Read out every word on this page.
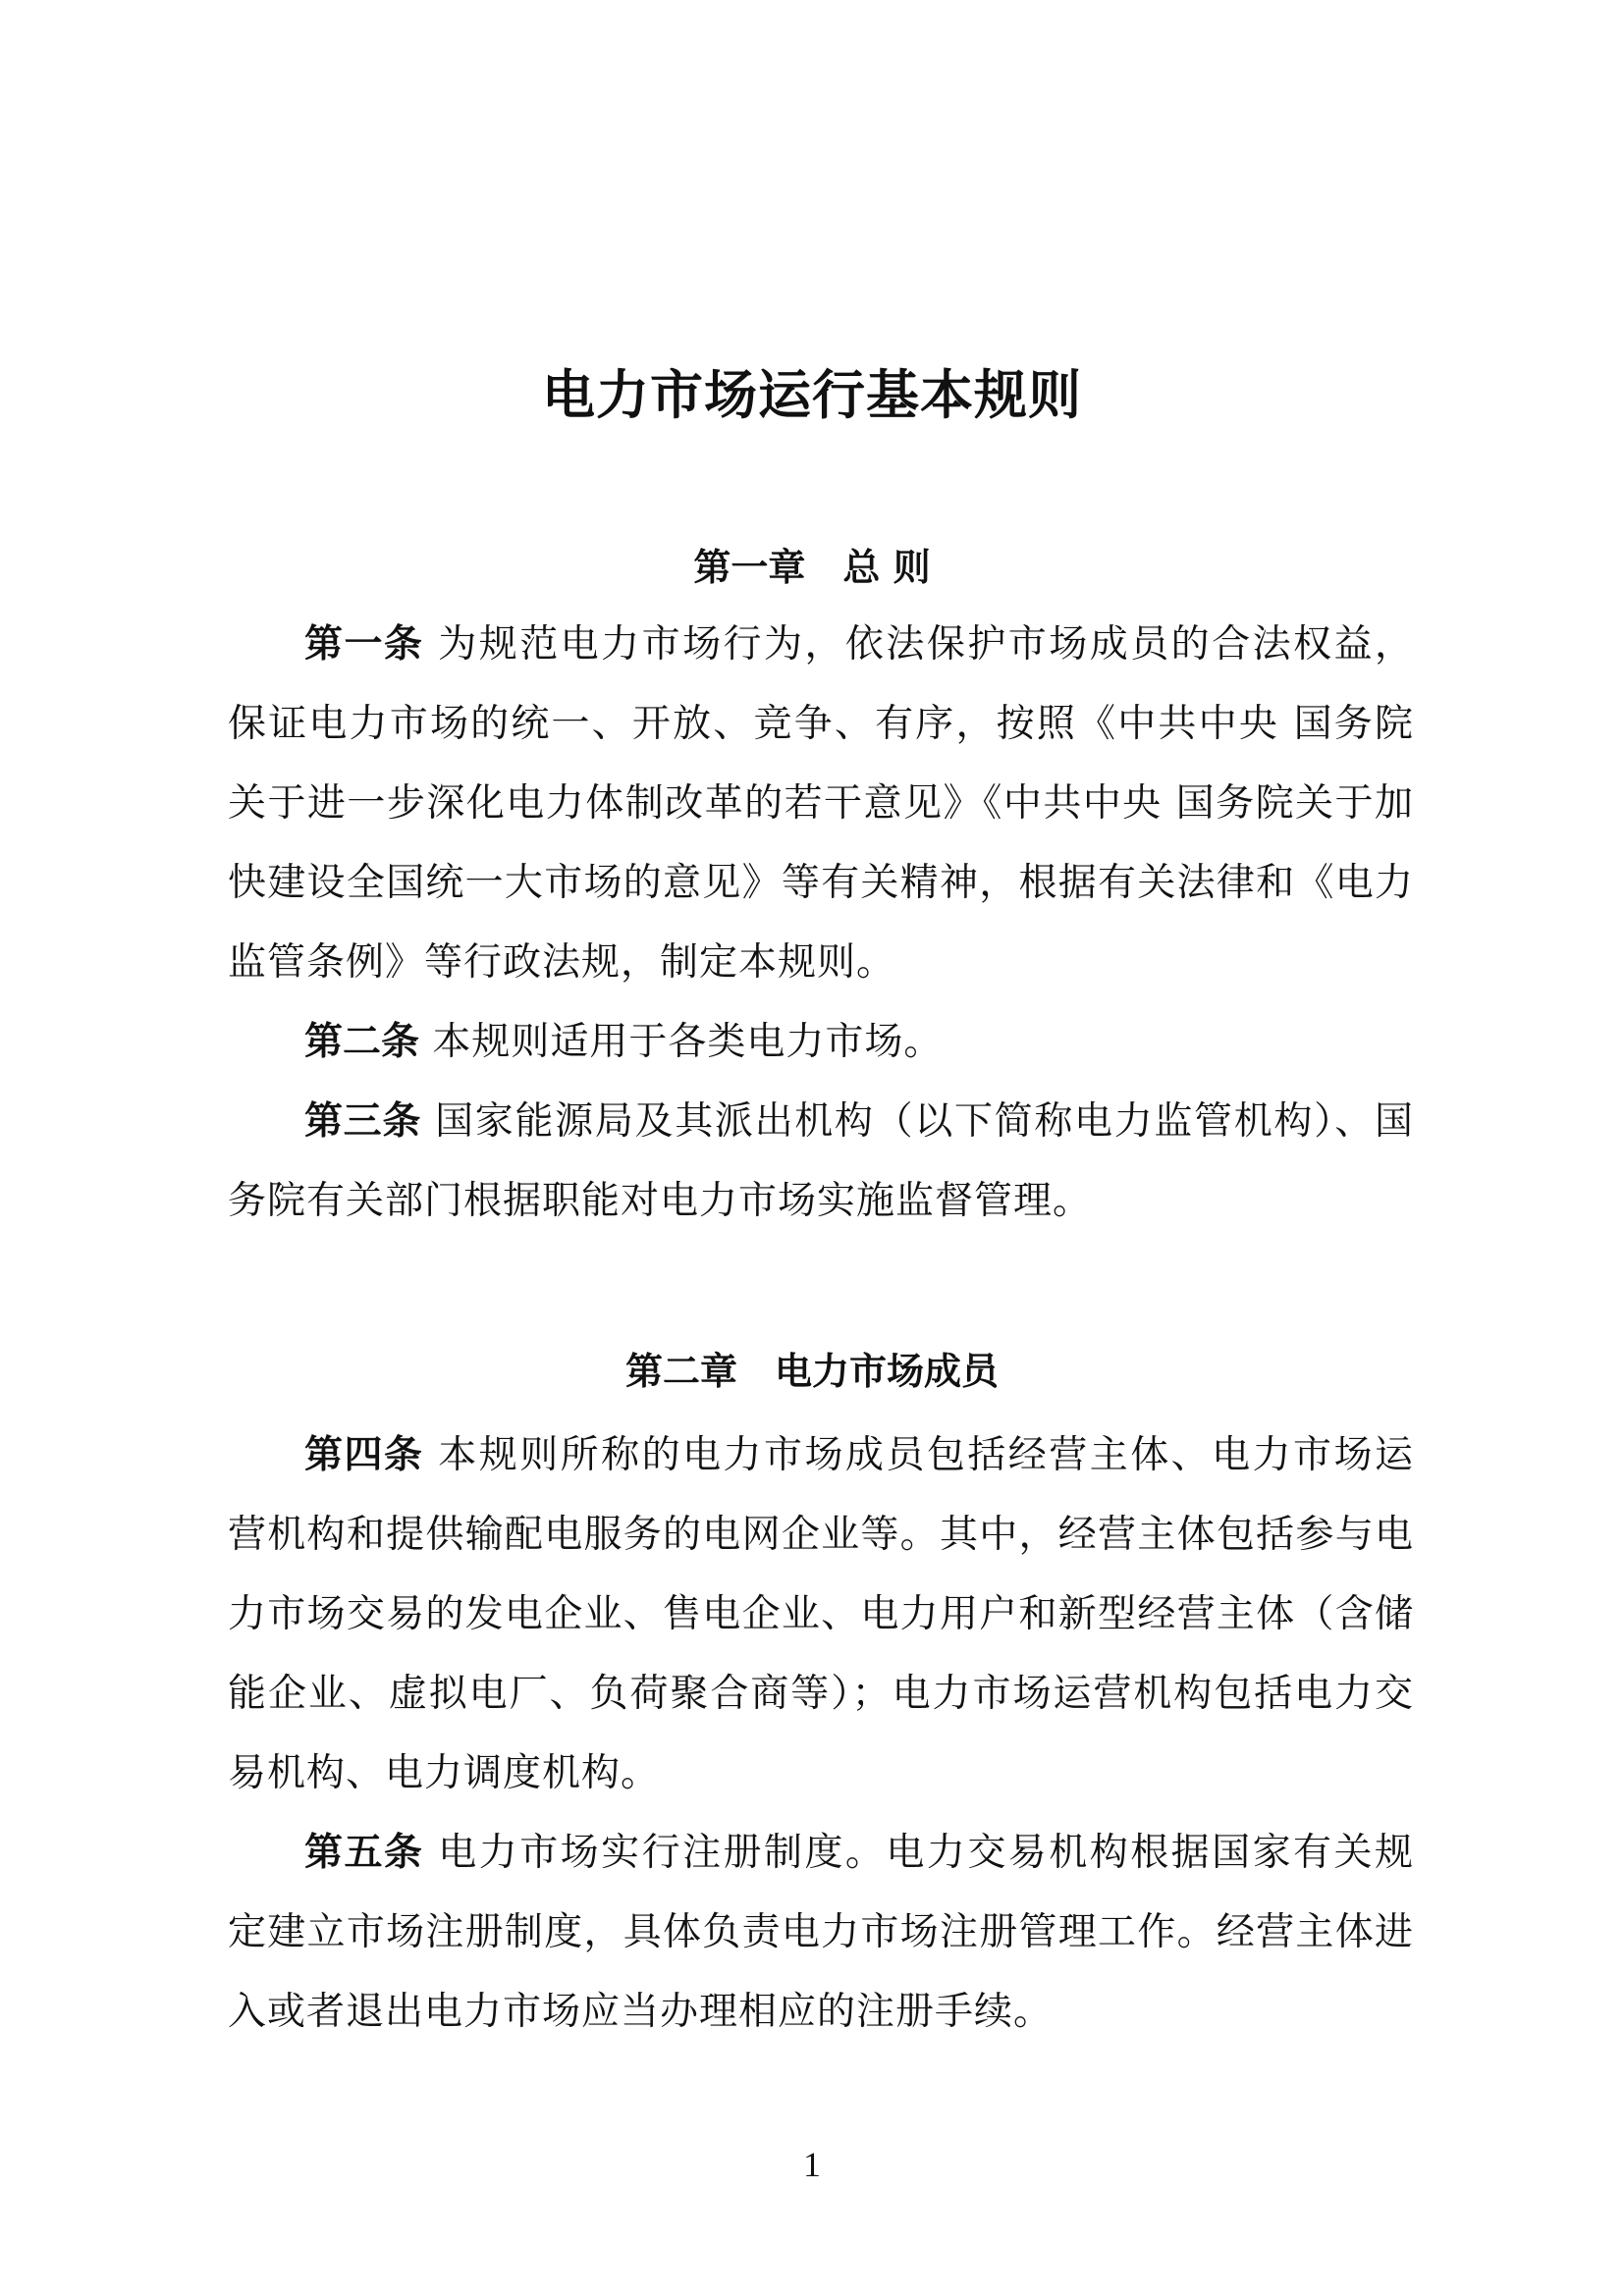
电力市场运行基本规则
第一章　总 则
第一条 为规范电力市场行为，依法保护市场成员的合法权益，保证电力市场的统一、开放、竞争、有序，按照《中共中央 国务院关于进一步深化电力体制改革的若干意见》《中共中央 国务院关于加快建设全国统一大市场的意见》等有关精神，根据有关法律和《电力监管条例》等行政法规，制定本规则。
第二条 本规则适用于各类电力市场。
第三条 国家能源局及其派出机构（以下简称电力监管机构）、国务院有关部门根据职能对电力市场实施监督管理。
第二章　电力市场成员
第四条 本规则所称的电力市场成员包括经营主体、电力市场运营机构和提供输配电服务的电网企业等。其中，经营主体包括参与电力市场交易的发电企业、售电企业、电力用户和新型经营主体（含储能企业、虚拟电厂、负荷聚合商等）；电力市场运营机构包括电力交易机构、电力调度机构。
第五条 电力市场实行注册制度。电力交易机构根据国家有关规定建立市场注册制度，具体负责电力市场注册管理工作。经营主体进入或者退出电力市场应当办理相应的注册手续。
1
